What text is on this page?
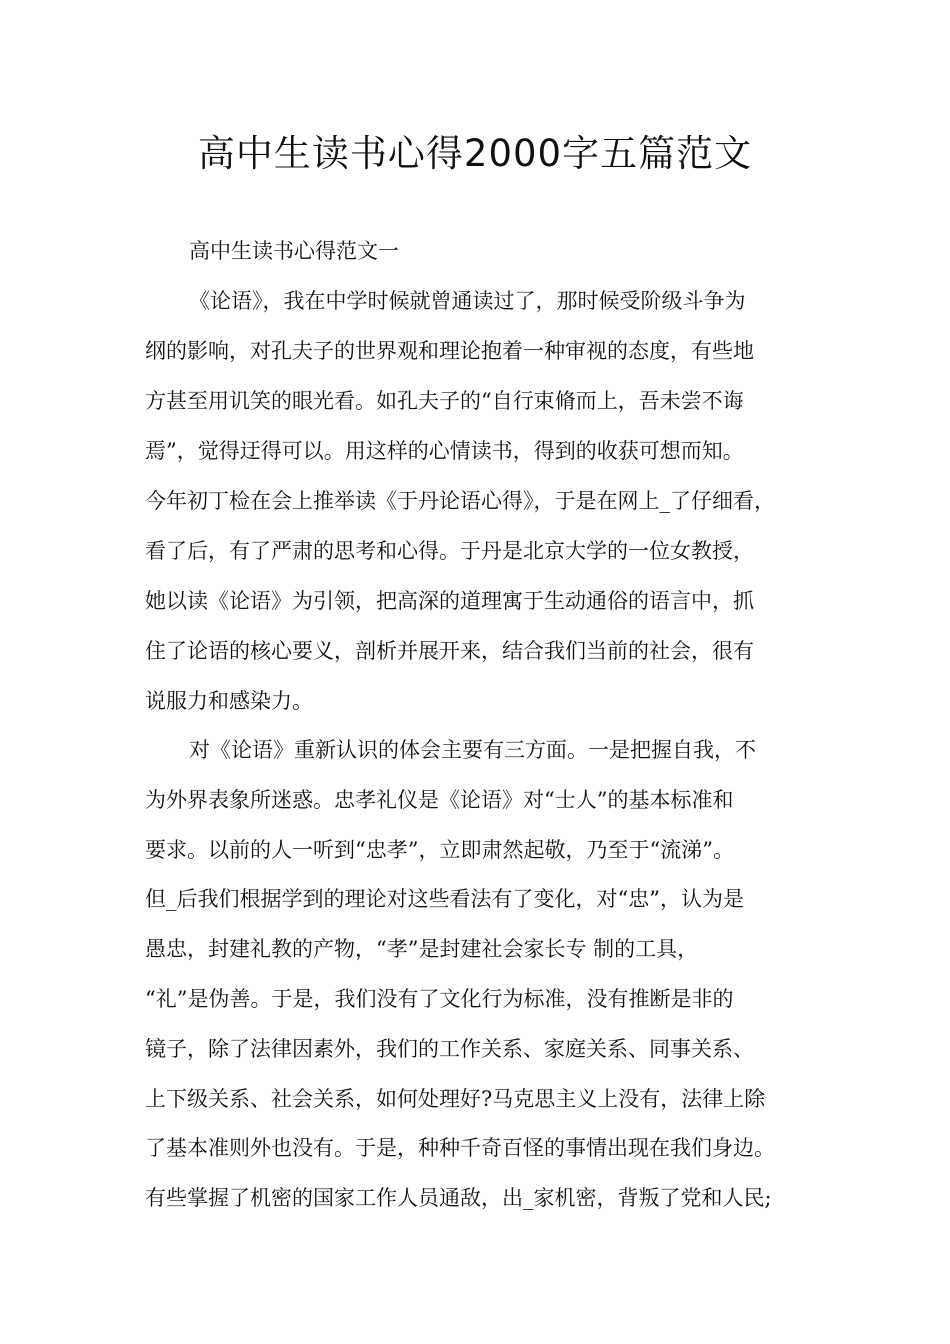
高中生读书心得2000字五篇范文
高中生读书心得范文一
《论语》，我在中学时候就曾通读过了，那时候受阶级斗争为
纲的影响，对孔夫子的世界观和理论抱着一种审视的态度，有些地
方甚至用讥笑的眼光看。如孔夫子的“自行束脩而上，吾未尝不诲
焉”，觉得迂得可以。用这样的心情读书，得到的收获可想而知。
今年初丁检在会上推举读《于丹论语心得》，于是在网上_了仔细看，
看了后，有了严肃的思考和心得。于丹是北京大学的一位女教授，
她以读《论语》为引领，把高深的道理寓于生动通俗的语言中，抓
住了论语的核心要义，剖析并展开来，结合我们当前的社会，很有
说服力和感染力。
对《论语》重新认识的体会主要有三方面。一是把握自我，不
为外界表象所迷惑。忠孝礼仪是《论语》对“士人”的基本标准和
要求。以前的人一听到“忠孝”，立即肃然起敬，乃至于“流涕”。
但_后我们根据学到的理论对这些看法有了变化，对“忠”，认为是
愚忠，封建礼教的产物，“孝”是封建社会家长专 制的工具，
“礼”是伪善。于是，我们没有了文化行为标准，没有推断是非的
镜子，除了法律因素外，我们的工作关系、家庭关系、同事关系、
上下级关系、社会关系，如何处理好?马克思主义上没有，法律上除
了基本准则外也没有。于是，种种千奇百怪的事情出现在我们身边。
有些掌握了机密的国家工作人员通敌，出_家机密，背叛了党和人民;
